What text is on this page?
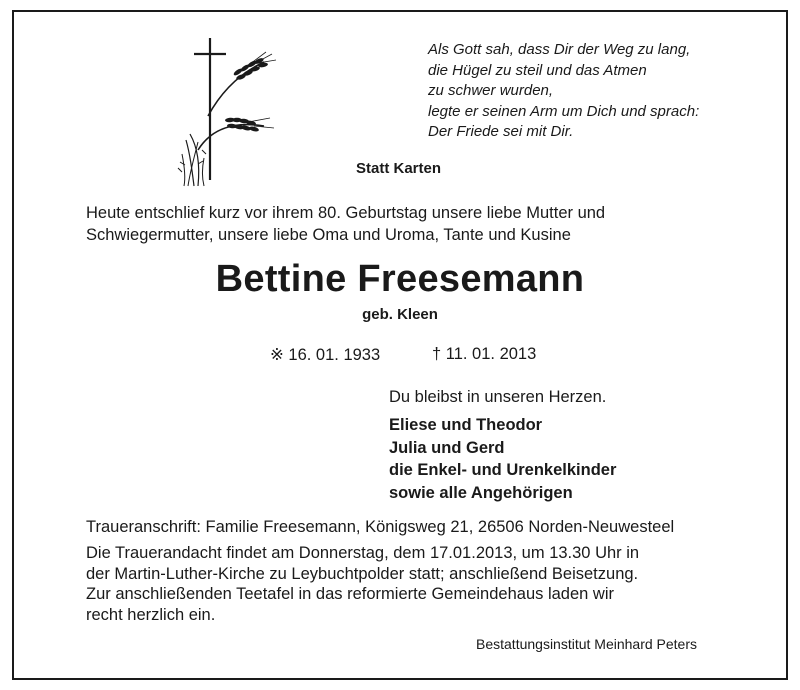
Als Gott sah, dass Dir der Weg zu lang,
die Hügel zu steil und das Atmen
zu schwer wurden,
legte er seinen Arm um Dich und sprach:
Der Friede sei mit Dir.
Statt Karten
Heute entschlief kurz vor ihrem 80. Geburtstag unsere liebe Mutter und
Schwiegermutter, unsere liebe Oma und Uroma, Tante und Kusine
Bettine Freesemann
geb. Kleen
※ 16. 01. 1933	† 11. 01. 2013
Du bleibst in unseren Herzen.
Eliese und Theodor
Julia und Gerd
die Enkel- und Urenkelkinder
sowie alle Angehörigen
Traueranschrift: Familie Freesemann, Königsweg 21, 26506 Norden-Neuwesteel
Die Trauerandacht findet am Donnerstag, dem 17.01.2013, um 13.30 Uhr in
der Martin-Luther-Kirche zu Leybuchtpolder statt; anschließend Beisetzung.
Zur anschließenden Teetafel in das reformierte Gemeindehaus laden wir
recht herzlich ein.
Bestattungsinstitut Meinhard Peters
